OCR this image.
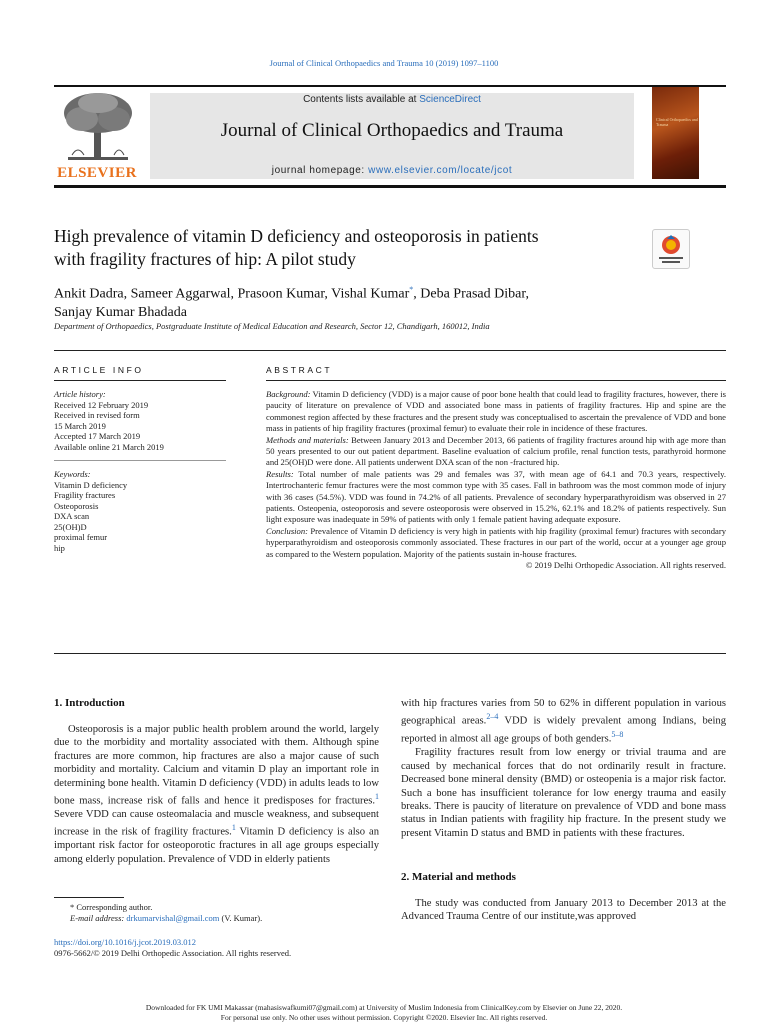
Journal of Clinical Orthopaedics and Trauma 10 (2019) 1097–1100
ELSEVIER
Contents lists available at ScienceDirect
Journal of Clinical Orthopaedics and Trauma
journal homepage: www.elsevier.com/locate/jcot
Clinical Orthopaedics and Trauma
High prevalence of vitamin D deficiency and osteoporosis in patients
with fragility fractures of hip: A pilot study
Ankit Dadra, Sameer Aggarwal, Prasoon Kumar, Vishal Kumar*, Deba Prasad Dibar,
Sanjay Kumar Bhadada
Department of Orthopaedics, Postgraduate Institute of Medical Education and Research, Sector 12, Chandigarh, 160012, India
ARTICLE INFO	ABSTRACT
Article history:
Received 12 February 2019
Received in revised form
15 March 2019
Accepted 17 March 2019
Available online 21 March 2019
Keywords:
Vitamin D deficiency
Fragility fractures
Osteoporosis
DXA scan
25(OH)D
proximal femur
hip
Background: Vitamin D deficiency (VDD) is a major cause of poor bone health that could lead to fragility fractures, however, there is paucity of literature on prevalence of VDD and associated bone mass in patients of fragility fractures. Hip and spine are the commonest region affected by these fractures and the present study was conceptualised to ascertain the prevalence of VDD and bone mass in patients of hip fragility fractures (proximal femur) to evaluate their role in incidence of these fractures.
Methods and materials: Between January 2013 and December 2013, 66 patients of fragility fractures around hip with age more than 50 years presented to our out patient department. Baseline evaluation of calcium profile, renal function tests, parathyroid hormone and 25(OH)D were done. All patients underwent DXA scan of the non -fractured hip.
Results: Total number of male patients was 29 and females was 37, with mean age of 64.1 and 70.3 years, respectively. Intertrochanteric femur fractures were the most common type with 35 cases. Fall in bathroom was the most common mode of injury with 36 cases (54.5%). VDD was found in 74.2% of all patients. Prevalence of secondary hyperparathyroidism was observed in 27 patients. Osteopenia, osteoporosis and severe osteoporosis were observed in 15.2%, 62.1% and 18.2% of patients respectively. Sun light exposure was inadequate in 59% of patients with only 1 female patient having adequate exposure.
Conclusion: Prevalence of Vitamin D deficiency is very high in patients with hip fragility (proximal femur) fractures with secondary hyperparathyroidism and osteoporosis commonly associated. These fractures in our part of the world, occur at a younger age group as compared to the Western population. Majority of the patients sustain in-house fractures.
© 2019 Delhi Orthopedic Association. All rights reserved.
1. Introduction

Osteoporosis is a major public health problem around the world, largely due to the morbidity and mortality associated with them. Although spine fractures are more common, hip fractures are also a major cause of such morbidity and mortality. Calcium and vitamin D play an important role in determining bone health. Vitamin D deficiency (VDD) in adults leads to low bone mass, increase risk of falls and hence it predisposes for fractures.$^1$ Severe VDD can cause osteomalacia and muscle weakness, and subsequent increase in the risk of fragility fractures.$^1$ Vitamin D deficiency is also an important risk factor for osteoporotic fractures in all age groups especially among elderly population. Prevalence of VDD in elderly patients

* Corresponding author.
E-mail address: drkumarvishal@gmail.com (V. Kumar).
https://doi.org/10.1016/j.jcot.2019.03.012
0976-5662/© 2019 Delhi Orthopedic Association. All rights reserved.

with hip fractures varies from 50 to 62% in different population in various geographical areas.$^{2-4}$ VDD is widely prevalent among Indians, being reported in almost all age groups of both genders.$^{5-8}$

Fragility fractures result from low energy or trivial trauma and are caused by mechanical forces that do not ordinarily result in fracture. Decreased bone mineral density (BMD) or osteopenia is a major risk factor. Such a bone has insufficient tolerance for low energy trauma and easily breaks. There is paucity of literature on prevalence of VDD and bone mass status in Indian patients with fragility hip fracture. In the present study we present Vitamin D status and BMD in patients with these fractures.

2. Material and methods

The study was conducted from January 2013 to December 2013 at the Advanced Trauma Centre of our institute,was approved

Downloaded for FK UMI Makassar (mahasiswafkumi07@gmail.com) at University of Muslim Indonesia from ClinicalKey.com by Elsevier on June 22, 2020.
For personal use only. No other uses without permission. Copyright ©2020. Elsevier Inc. All rights reserved.
